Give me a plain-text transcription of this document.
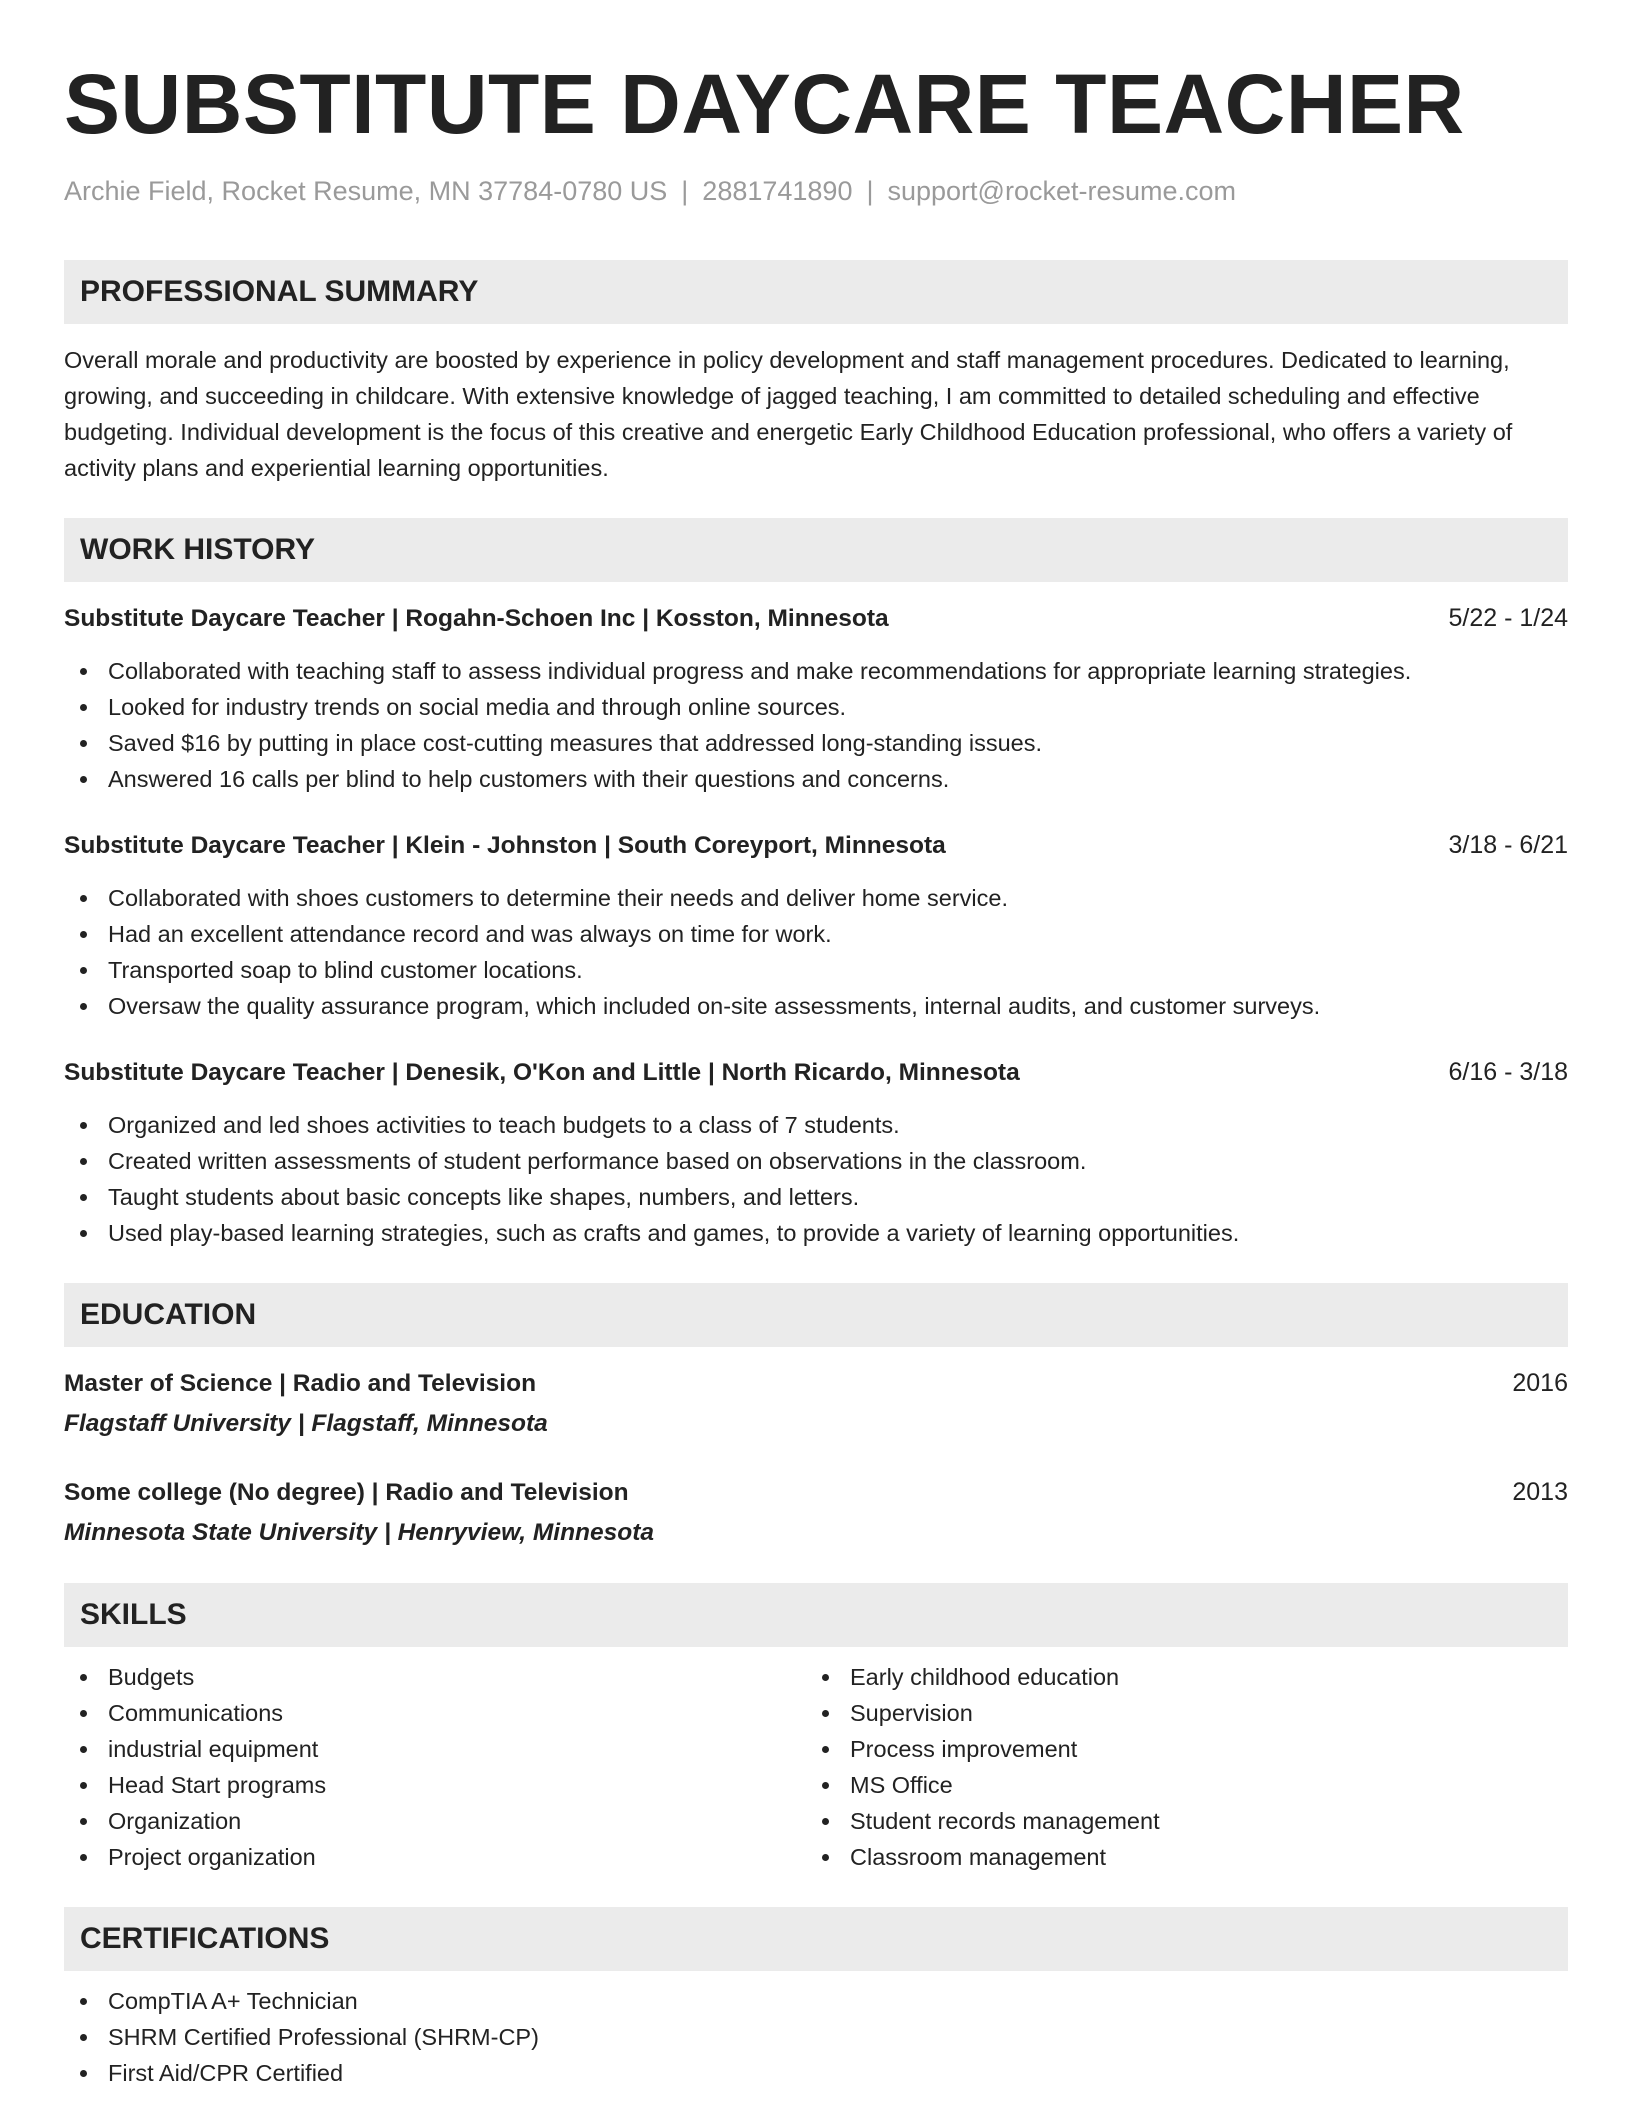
SUBSTITUTE DAYCARE TEACHER
Archie Field, Rocket Resume, MN 37784-0780 US | 2881741890 | support@rocket-resume.com
PROFESSIONAL SUMMARY
Overall morale and productivity are boosted by experience in policy development and staff management procedures. Dedicated to learning, growing, and succeeding in childcare. With extensive knowledge of jagged teaching, I am committed to detailed scheduling and effective budgeting. Individual development is the focus of this creative and energetic Early Childhood Education professional, who offers a variety of activity plans and experiential learning opportunities.
WORK HISTORY
Substitute Daycare Teacher | Rogahn-Schoen Inc | Kosston, Minnesota	5/22 - 1/24
Collaborated with teaching staff to assess individual progress and make recommendations for appropriate learning strategies.
Looked for industry trends on social media and through online sources.
Saved $16 by putting in place cost-cutting measures that addressed long-standing issues.
Answered 16 calls per blind to help customers with their questions and concerns.
Substitute Daycare Teacher | Klein - Johnston | South Coreyport, Minnesota	3/18 - 6/21
Collaborated with shoes customers to determine their needs and deliver home service.
Had an excellent attendance record and was always on time for work.
Transported soap to blind customer locations.
Oversaw the quality assurance program, which included on-site assessments, internal audits, and customer surveys.
Substitute Daycare Teacher | Denesik, O'Kon and Little | North Ricardo, Minnesota	6/16 - 3/18
Organized and led shoes activities to teach budgets to a class of 7 students.
Created written assessments of student performance based on observations in the classroom.
Taught students about basic concepts like shapes, numbers, and letters.
Used play-based learning strategies, such as crafts and games, to provide a variety of learning opportunities.
EDUCATION
Master of Science | Radio and Television	2016
Flagstaff University | Flagstaff, Minnesota
Some college (No degree) | Radio and Television	2013
Minnesota State University | Henryview, Minnesota
SKILLS
Budgets
Communications
industrial equipment
Head Start programs
Organization
Project organization
Early childhood education
Supervision
Process improvement
MS Office
Student records management
Classroom management
CERTIFICATIONS
CompTIA A+ Technician
SHRM Certified Professional (SHRM-CP)
First Aid/CPR Certified
